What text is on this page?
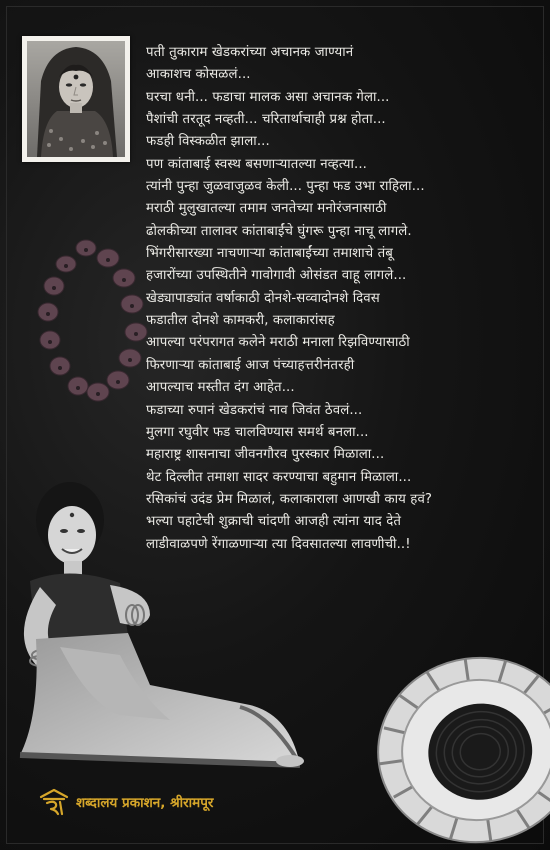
पती तुकाराम खेडकरांच्या अचानक जाण्यानं
आकाशच कोसळलं...
घरचा धनी... फडाचा मालक असा अचानक गेला...
पैशांची तरतूद नव्हती... चरितार्थाचाही प्रश्न होता...
फडही विस्कळीत झाला...
पण कांताबाई स्वस्थ बसणाऱ्यातल्या नव्हत्या...
त्यांनी पुन्हा जुळवाजुळव केली... पुन्हा फड उभा राहिला...
मराठी मुलुखातल्या तमाम जनतेच्या मनोरंजनासाठी
ढोलकीच्या तालावर कांताबाईंचे घुंगरू पुन्हा नाचू लागले.
भिंगरीसारख्या नाचणाऱ्या कांताबाईंच्या तमाशाचे तंबू
हजारोंच्या उपस्थितीने गावोगावी ओसंडत वाहू लागले...
खेड्यापाड्यांत वर्षाकाठी दोनशे-सव्वादोनशे दिवस
फडातील दोनशे कामकरी, कलाकारांसह
आपल्या परंपरागत कलेने मराठी मनाला रिझविण्यासाठी
फिरणाऱ्या कांताबाई आज पंच्याहत्तरीनंतरही
आपल्याच मस्तीत दंग आहेत...
फडाच्या रुपानं खेडकरांचं नाव जिवंत ठेवलं...
मुलगा रघुवीर फड चालविण्यास समर्थ बनला...
महाराष्ट्र शासनाचा जीवनगौरव पुरस्कार मिळाला...
थेट दिल्लीत तमाशा सादर करण्याचा बहुमान मिळाला...
रसिकांचं उदंड प्रेम मिळालं, कलाकाराला आणखी काय हवं?
भल्या पहाटेची शुक्राची चांदणी आजही त्यांना याद देते
लाडीवाळपणे रेंगाळणाऱ्या त्या दिवसातल्या लावणीची..!
शब्दालय प्रकाशन, श्रीरामपूर
